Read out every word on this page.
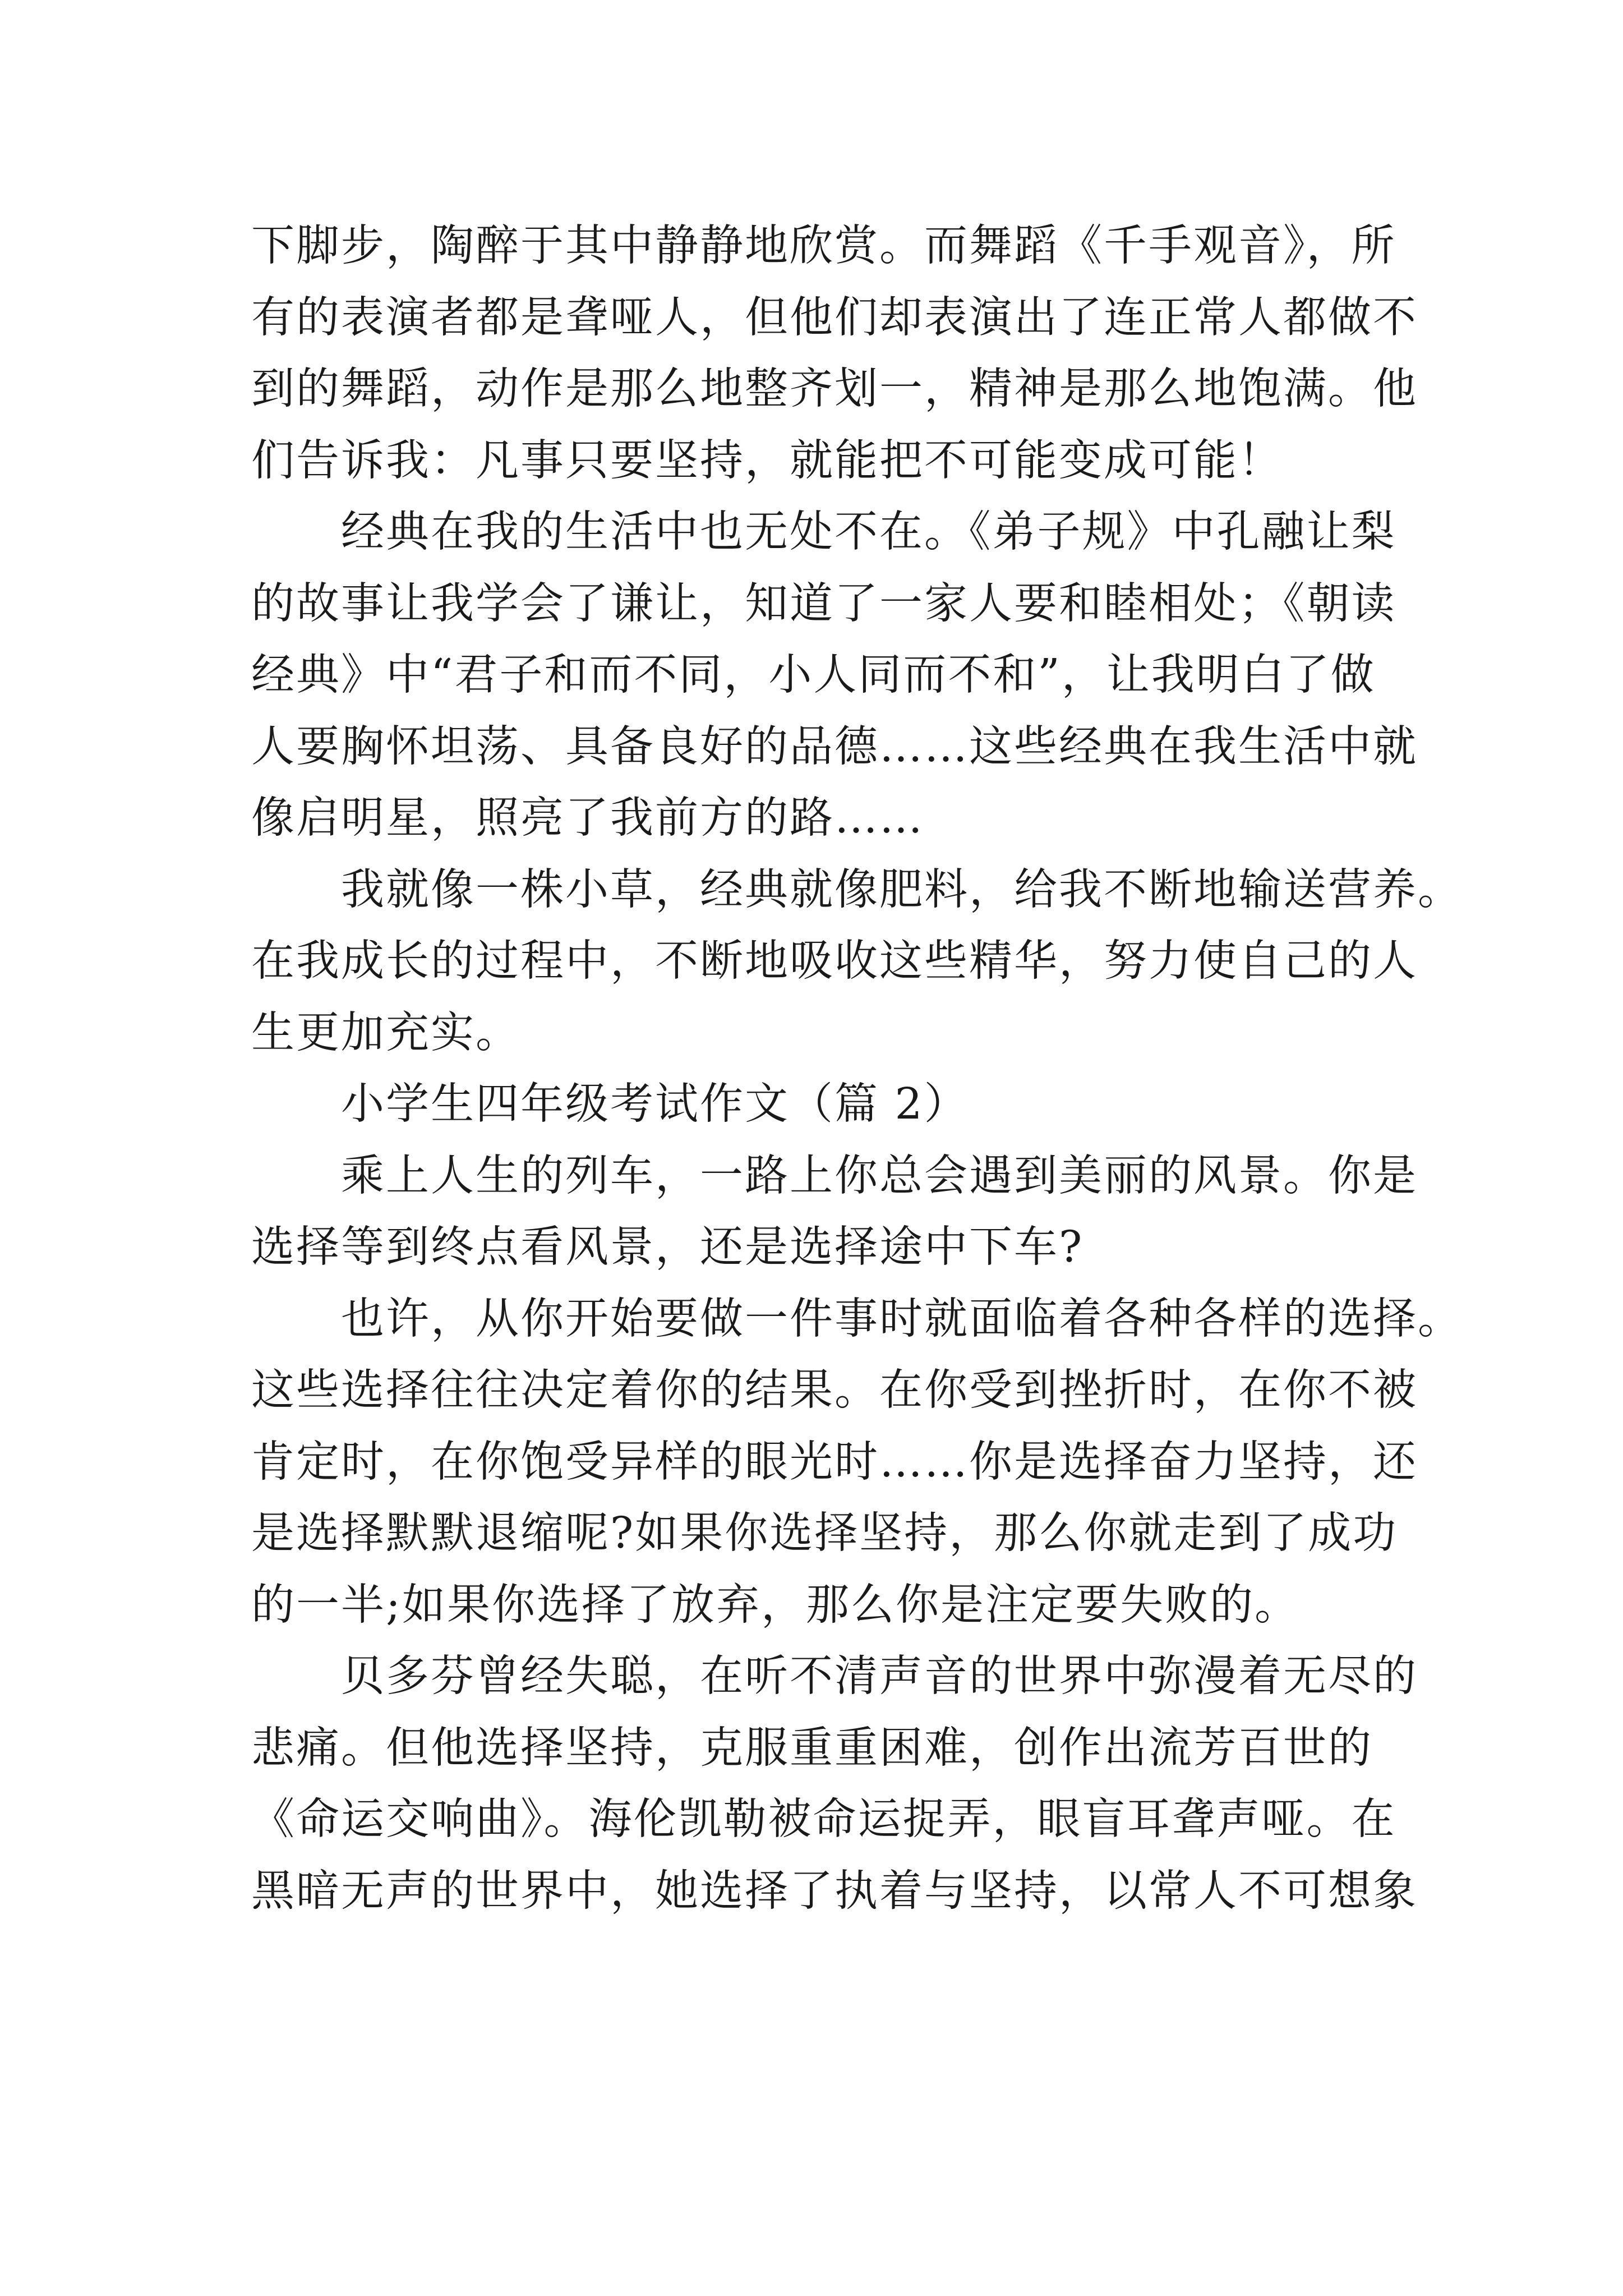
下脚步，陶醉于其中静静地欣赏。而舞蹈《千手观音》，所
有的表演者都是聋哑人，但他们却表演出了连正常人都做不
到的舞蹈，动作是那么地整齐划一，精神是那么地饱满。他
们告诉我：凡事只要坚持，就能把不可能变成可能！
　　经典在我的生活中也无处不在。《弟子规》中孔融让梨
的故事让我学会了谦让，知道了一家人要和睦相处；《朝读
经典》中“君子和而不同，小人同而不和”，让我明白了做
人要胸怀坦荡、具备良好的品德……这些经典在我生活中就
像启明星，照亮了我前方的路……
　　我就像一株小草，经典就像肥料，给我不断地输送营养。
在我成长的过程中，不断地吸收这些精华，努力使自己的人
生更加充实。
　　小学生四年级考试作文（篇 2）
　　乘上人生的列车，一路上你总会遇到美丽的风景。你是
选择等到终点看风景，还是选择途中下车?
　　也许，从你开始要做一件事时就面临着各种各样的选择。
这些选择往往决定着你的结果。在你受到挫折时，在你不被
肯定时，在你饱受异样的眼光时……你是选择奋力坚持，还
是选择默默退缩呢?如果你选择坚持，那么你就走到了成功
的一半;如果你选择了放弃，那么你是注定要失败的。
　　贝多芬曾经失聪，在听不清声音的世界中弥漫着无尽的
悲痛。但他选择坚持，克服重重困难，创作出流芳百世的
《命运交响曲》。海伦凯勒被命运捉弄，眼盲耳聋声哑。在
黑暗无声的世界中，她选择了执着与坚持，以常人不可想象
